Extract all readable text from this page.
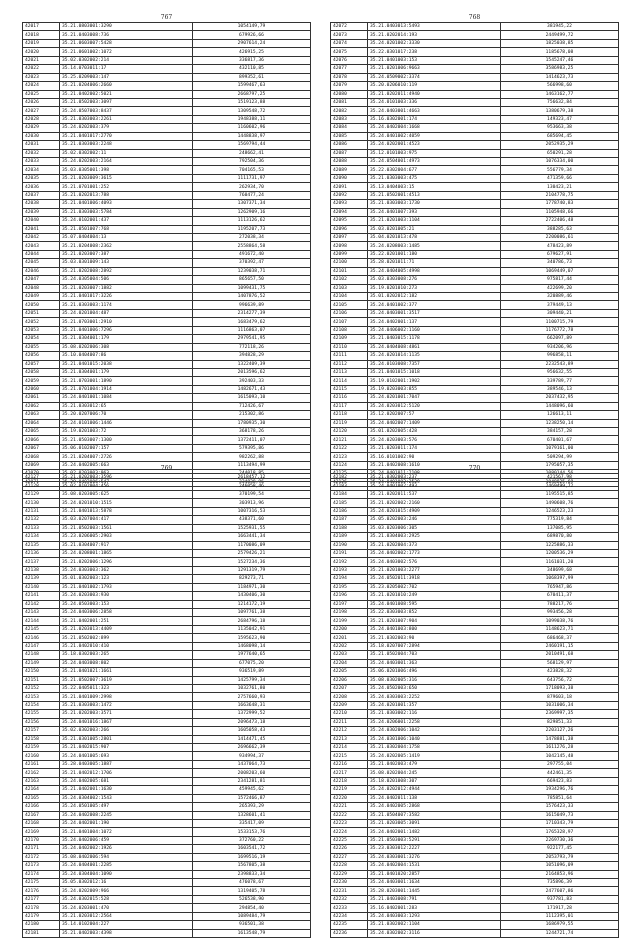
767
42017	35.21.0803001:3290	1054149,79
42018	35.21.0403008:736	679926,66
42019	35.21.0603007:5428	2907614,24
42020	35.21.0601002:1072	426915,25
42021	35.02.0302002:214	336817,36
42022	35.14.0703011:17	432110,85
42023	35.25.0209003:147	899352,61
42024	35.21.0204006:2660	1599467,63
42025	35.21.0402002:5021	2668797,25
42026	35.21.0502003:3097	1519123,88
42027	35.24.0507003:8437	1309548,72
42028	35.21.0303003:2261	1948388,11
42029	35.24.0202003:379	1160602,96
42030	35.21.0401017:2770	1448838,97
42031	35.21.0303003:2248	1569794,44
42032	35.02.0302002:11	248662,41
42033	35.24.0202003:2164	792504,36
42034	35.03.0305001:398	704165,53
42035	35.21.0203009:3615	1111731,97
42036	35.21.0701001:252	262934,70
42037	35.21.0202013:788	760477,24
42038	35.21.0401006:4093	1307371,34
42039	35.21.0303003:5784	1262909,16
42040	35.24.0102001:437	1113126,62
42041	35.21.0501007:768	1195207,73
42042	35.07.0404004:13	272038,34
42043	35.21.0204008:2362	2558864,58
42044	35.21.0203007:387	491672,40
42045	35.03.0301009:143	370392,47
42046	35.21.0202008:2892	1239038,71
42047	35.24.0305004:506	865657,50
42048	35.21.0203007:1882	1099431,75
42049	35.21.0401017:3226	1407876,52
42050	35.21.0303003:1174	996639,89
42051	35.24.0201004:487	2314277,39
42052	35.21.0703001:2910	1683479,62
42053	35.21.0401006:7296	1116863,07
42054	35.21.0304001:179	2979541,95
42055	35.08.0202006:308	772118,26
42056	35.10.0404007:86	394828,29
42057	35.21.0401015:2038	1322409,39
42058	35.21.0304001:179	2013596,62
42059	35.21.0703001:1890	392403,33
42060	35.21.0701004:1914	1482671,43
42061	35.24.0401001:1084	1615093,10
42062	35.21.0303012:65	712426,67
42063	35.20.0207006:70	215302,86
42064	35.24.0101006:1446	1780935,30
42065	35.19.0201003:72	368178,26
42066	35.21.0503007:1300	1372411,07
42067	35.06.0102007:157	579395,86
42068	35.21.0204007:2726	982262,88
42069	35.24.0402005:663	1113494,99
42070	35.02.0203003:963	244018,85
42071	35.29.0403006:547	334838,96
768
42072	35.21.0403013:5493	381945,22
42073	35.21.0202014:193	2449499,72
42074	35.24.0201002:3330	1825038,85
42075	35.22.0301017:238	1185678,08
42076	35.21.0401003:153	1545247,46
42077	35.21.0201006:9663	3586983,25
42078	35.24.0509002:3374	1414623,73
42079	35.20.0206010:119	566998,60
42080	35.21.0202011:4940	1463162,77
42081	35.24.0101003:336	756632,84
42082	35.24.0403001:4663	1380679,38
42083	35.16.0302001:174	149323,47
42084	35.24.0402004:1668	953663,38
42085	35.24.0401002:4059	685694,45
42086	35.24.0202001:4523	2052935,29
42087	35.12.0101003:975	650291,28
42088	35.24.0504001:4973	1076334,00
42089	35.22.0302004:677	556779,34
42090	35.21.0303003:475	471359,66
42091	35.13.0404003:15	130423,21
42092	35.21.0502001:4513	2104778,75
42093	35.21.0303003:1730	1778740,83
42094	35.24.0401007:393	1105948,66
42095	35.21.0201003:1104	2722406,48
42096	35.03.0201005:21	388285,63
42097	35.04.0201013:478	2200086,61
42098	35.24.0208003:1485	478423,89
42099	35.22.0201001:180	679627,91
42100	35.28.0201011:71	340786,73
42101	35.24.0404005:4998	1069449,07
42102	35.03.0303008:276	975817,44
42103	35.19.0201010:273	422699,20
42104	35.01.0202012:182	320889,46
42105	35.24.0401002:377	379449,13
42106	35.24.0403001:3517	309440,21
42107	35.24.0402001:137	1100715,79
42108	35.24.0406002:1160	1176772,78
42109	35.21.0403015:1178	662097,89
42110	35.24.0404008:4861	934206,96
42111	35.24.0201014:1135	996858,11
42112	35.24.0103008:7357	2232543,89
42113	35.21.0401015:1018	956632,55
42114	35.19.0102001:1902	339789,77
42115	35.19.0203003:855	389546,13
42116	35.24.0201001:7047	2037432,95
42117	35.24.0203012:5120	1448096,60
42118	35.12.0202007:57	126613,11
42119	35.24.0402007:1409	1238250,14
42120	35.01.0202005:428	384157,28
42121	35.24.0203003:576	670401,67
42122	35.21.0203011:174	1079161,00
42123	35.16.0101002:90	509294,99
42124	35.21.0402008:1610	1795057,35
42125	35.24.0401011:2108	1080144,56
42126	35.24.0401002:2529	1048825,69
769
42127	35.21.0202003:3596	2618457,12
42128	35.02.0102004:456	246058,46
42129	35.08.0203005:625	370199,54
42130	35.24.0201010:1515	303913,96
42131	35.21.0401013:5878	1007316,53
42132	35.03.0207004:417	438371,60
42133	35.21.0502003:1561	1525931,55
42134	35.23.0206005:2903	1663441,34
42135	35.21.0304007:917	1170086,09
42136	35.24.0208001:1865	2579426,21
42137	35.21.0202006:1296	1527234,36
42138	35.24.0303003:362	1291319,79
42139	35.01.0302003:123	829273,71
42140	35.21.0401002:1793	1184971,30
42141	35.24.0203003:930	1430406,30
42142	35.24.0503003:153	1214172,19
42143	35.24.0403006:2858	1097761,38
42144	35.21.0402001:251	2684796,18
42145	35.21.0203013:4409	1135042,91
42146	35.21.0502002:899	1595623,90
42147	35.21.0402010:410	1468098,14
42148	35.18.0302003:265	1977640,65
42149	35.24.0403008:802	677075,20
42150	35.21.0401021:1661	936519,89
42151	35.21.0502007:3619	1425799,34
42152	35.22.0405011:323	1032761,80
42153	35.21.0401009:2998	2757660,93
42154	35.21.0303003:1472	1663648,31
42155	35.21.0202003:3571	1372999,52
42156	35.24.0401016:1867	2096473,18
42157	35.02.0302003:266	1605058,43
42158	35.21.0301005:2801	1414471,45
42159	35.21.0402015:907	2696662,39
42160	35.24.0401005:693	934994,37
42161	35.28.0403005:1887	1437064,73
42162	35.21.0402012:1706	2008203,60
42163	35.24.0402005:681	2341281,81
42164	35.21.0402001:1630	459945,62
42165	35.24.0304002:1543	1572466,87
42166	35.24.0501005:497	265393,29
42167	35.24.0402008:2245	1328601,41
42168	35.24.0402001:190	335417,09
42169	35.21.0401004:1072	1533153,76
42170	35.24.0402006:459	372760,22
42171	35.24.0402002:1926	1603541,72
42172	35.08.0402006:594	1699516,19
42173	35.24.0404001:2285	1567805,38
42174	35.24.0304004:1090	2398833,34
42175	35.05.0302012:16	476078,67
42176	35.24.0202009:966	1319405,78
42177	35.24.0302015:528	526538,90
42178	35.24.0203001:470	294854,40
42179	35.21.0203012:2564	1089484,79
42180	35.14.0102004:227	936501,38
42181	35.21.0402003:4398	1613548,79
770
42182	35.21.0302003:237	421567,98
42183	35.24.0401002:493	2469499,72
42184	35.21.0202011:537	1195515,85
42185	35.21.0202002:2160	1490608,76
42186	35.24.0201015:4909	1246523,23
42187	35.05.0202003:246	775319,84
42188	35.03.0203006:305	137085,95
42189	35.21.0304003:2925	689870,80
42190	35.21.0202004:373	1225886,33
42191	35.24.0402002:1773	1200536,29
42192	35.24.0403002:576	1161031,20
42193	35.21.0201003:2277	348699,68
42194	35.24.0502011:3918	1068397,99
42195	35.23.0205002:702	765947,86
42196	35.21.0201010:249	670411,37
42197	35.24.0401008:595	788217,76
42198	35.22.0303003:852	993456,28
42199	35.21.0201007:904	1099038,76
42200	35.24.0401003:800	1148623,71
42201	35.21.0302003:90	686468,37
42202	35.18.0207007:2894	2460191,15
42203	35.21.0502004:703	2010491,68
42204	35.24.0403001:363	568129,97
42205	35.06.0201006:496	423828,32
42206	35.08.0302005:316	643756,72
42207	35.24.0502003:650	1718093,38
42208	35.24.0303003:2252	879603,18
42209	35.24.0201001:357	1031006,34
42210	35.21.0303002:116	2369997,35
42211	35.24.0206001:2258	829851,33
42212	35.24.0302006:1042	2203127,26
42213	35.24.0301006:1040	1478881,38
42214	35.21.0302004:1758	1611276,28
42215	35.24.0202005:1419	1042145,48
42216	35.21.0402003:479	297755,04
42217	35.08.0202004:245	442461,35
42218	35.18.0201008:307	669423,83
42219	35.24.0202012:4944	1934296,76
42220	35.24.0402011:138	785851,64
42221	35.24.0402005:2868	1576423,33
42222	35.21.0504007:3582	1615049,73
42223	35.21.0203005:3091	1710343,79
42224	35.24.0402001:1482	1765328,97
42225	35.21.0503003:5291	2269730,36
42226	35.23.0303012:2227	922177,45
42227	35.24.0303001:3276	2053793,79
42228	35.24.0402004:1531	1051096,09
42229	35.21.0401020:2857	2164853,96
42230	35.24.0403001:1634	735896,39
42231	35.28.0203001:1445	2477607,86
42232	35.21.0403008:791	937781,83
42233	35.16.0402001:283	171917,28
42234	35.24.0403003:1293	1112395,01
42235	35.21.0302002:1104	1686979,55
42236	35.24.0302002:3116	1244721,74
